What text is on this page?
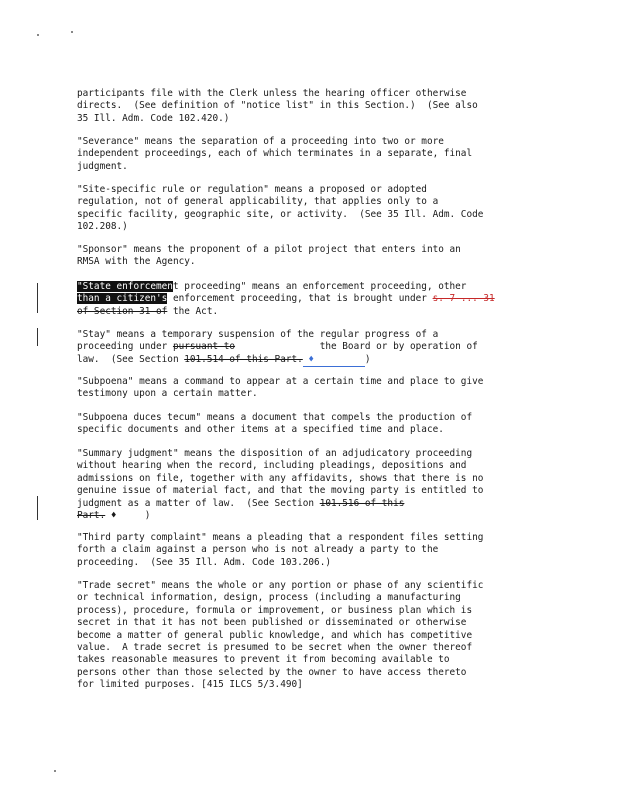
participants file with the Clerk unless the hearing officer otherwise
directs.  (See definition of "notice list" in this Section.)  (See also
35 Ill. Adm. Code 102.420.)

"Severance" means the separation of a proceeding into two or more
independent proceedings, each of which terminates in a separate, final
judgment.

"Site-specific rule or regulation" means a proposed or adopted
regulation, not of general applicability, that applies only to a
specific facility, geographic site, or activity.  (See 35 Ill. Adm. Code
102.208.)

"Sponsor" means the proponent of a pilot project that enters into an
RMSA with the Agency.

"State enforcement proceeding" means an enforcement proceeding, other
than a citizen's enforcement proceeding, that is brought under s. 7 ... 31
of Section 31 of the Act.

"Stay" means a temporary suspension of the regular progress of a
proceeding under pursuant to               the Board or by operation of
law.  (See Section 101.514 of this Part. ♦         )

"Subpoena" means a command to appear at a certain time and place to give
testimony upon a certain matter.

"Subpoena duces tecum" means a document that compels the production of
specific documents and other items at a specified time and place.

"Summary judgment" means the disposition of an adjudicatory proceeding
without hearing when the record, including pleadings, depositions and
admissions on file, together with any affidavits, shows that there is no
genuine issue of material fact, and that the moving party is entitled to
judgment as a matter of law.  (See Section 101.516 of this
Part. ♦     )

"Third party complaint" means a pleading that a respondent files setting
forth a claim against a person who is not already a party to the
proceeding.  (See 35 Ill. Adm. Code 103.206.)

"Trade secret" means the whole or any portion or phase of any scientific
or technical information, design, process (including a manufacturing
process), procedure, formula or improvement, or business plan which is
secret in that it has not been published or disseminated or otherwise
become a matter of general public knowledge, and which has competitive
value.  A trade secret is presumed to be secret when the owner thereof
takes reasonable measures to prevent it from becoming available to
persons other than those selected by the owner to have access thereto
for limited purposes. [415 ILCS 5/3.490]
